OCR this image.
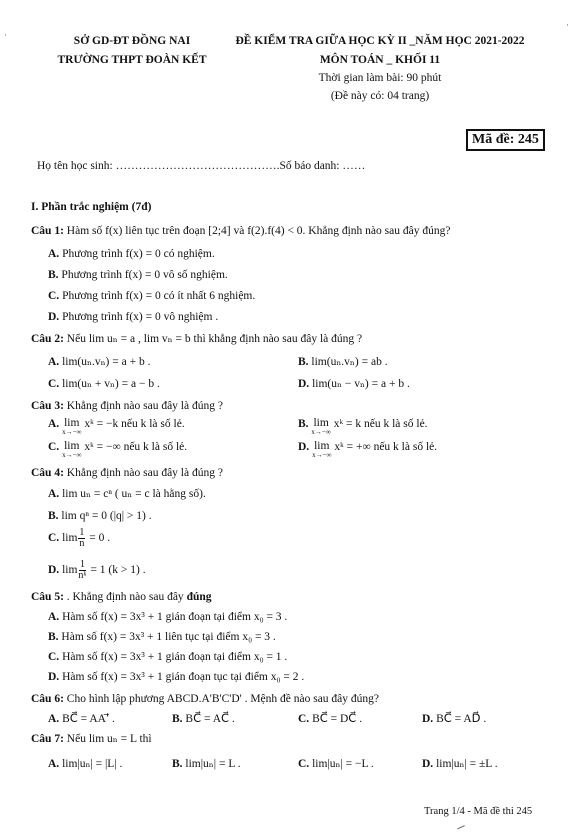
SỞ GD-ĐT ĐỒNG NAI
TRƯỜNG THPT ĐOÀN KẾT
ĐỀ KIỂM TRA GIỮA HỌC KỲ II _NĂM HỌC 2021-2022
MÔN TOÁN _ KHỐI 11
Thời gian làm bài: 90 phút
(Đề này có: 04 trang)
Mã đề: 245
Họ tên học sinh: …………………………………….Số báo danh: ……
I. Phần trắc nghiệm (7đ)
Câu 1: Hàm số f(x) liên tục trên đoạn [2;4] và f(2).f(4) < 0. Khẳng định nào sau đây đúng?
A. Phương trình f(x) = 0 có nghiệm.
B. Phương trình f(x) = 0 vô số nghiệm.
C. Phương trình f(x) = 0 có ít nhất 6 nghiệm.
D. Phương trình f(x) = 0 vô nghiệm .
Câu 2: Nếu lim uₙ = a , lim vₙ = b thì khẳng định nào sau đây là đúng ?
A. lim(uₙ.vₙ) = a + b .	B. lim(uₙ.vₙ) = ab .
C. lim(uₙ + vₙ) = a − b .	D. lim(uₙ − vₙ) = a + b .
Câu 3: Khẳng định nào sau đây là đúng ?
A. lim
x→−∞
xᵏ = −k nếu k là số lẻ.	B. lim
x→−∞
xᵏ = k nếu k là số lẻ.
C. lim
x→−∞
xᵏ = −∞ nếu k là số lẻ.	D. lim
x→−∞
xᵏ = +∞ nếu k là số lẻ.
Câu 4: Khẳng định nào sau đây là đúng ?
A. lim uₙ = cⁿ ( uₙ = c là hằng số).
B. lim qⁿ = 0 (|q| > 1) .
C. $\lim \frac{1}{n} = 0$ .
D. $\lim \frac{1}{\text{nᵏ}} = 1$ (k > 1) .
Câu 5: . Khẳng định nào sau đây đúng
A. Hàm số f(x) = 3x³ + 1 gián đoạn tại điểm x₀ = 3 .
B. Hàm số f(x) = 3x³ + 1 liên tục tại điểm x₀ = 3 .
C. Hàm số f(x) = 3x³ + 1 gián đoạn tại điểm x₀ = 1 .
D. Hàm số f(x) = 3x³ + 1 gián đoạn tục tại điểm x₀ = 2 .
Câu 6: Cho hình lập phương ABCD.A'B'C'D' . Mệnh đề nào sau đây đúng?
A. BC⃗ = AA'⃗ .	B. BC⃗ = AC⃗ .	C. BC⃗ = DC⃗ .	D. BC⃗ = AD⃗ .
Câu 7: Nếu lim uₙ = L thì
A. lim|uₙ| = |L| .	B. lim|uₙ| = L .	C. lim|uₙ| = −L .	D. lim|uₙ| = ±L .
Trang 1/4 - Mã đề thi 245
·
·
